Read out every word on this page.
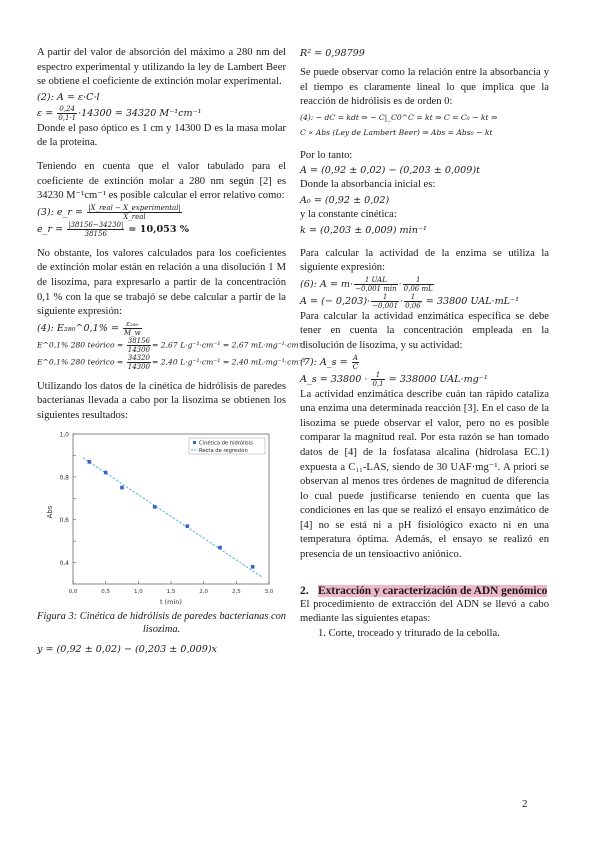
A partir del valor de absorción del máximo a 280 nm del espectro experimental y utilizando la ley de Lambert Beer se obtiene el coeficiente de extinción molar experimental.

(2): A = ε·C·l
$\varepsilon = \frac{0,24}{0,1\cdot 1} \cdot 14300 = 34320$ M⁻¹cm⁻¹

Donde el paso óptico es 1 cm y 14300 D es la masa molar de la proteína.

Teniendo en cuenta que el valor tabulado para el coeficiente de extinción molar a 280 nm según [2] es 34230 M⁻¹cm⁻¹ es posible calcular el error relativo como:

(3): e_r = $\frac{\text{|X\_real − X\_experimental|}}{\text{X\_real}}$
e_r = $\frac{|38156-34230|}{38156} = 10,053$ %

No obstante, los valores calculados para los coeficientes de extinción molar están en relación a una disolución 1 M de lisozima, para expresarlo a partir de la concentración 0,1 % con la que se trabajó se debe calcular a partir de la siguiente expresión:

(4): E₂₈₀^0,1% = $\frac{\text{ε₂₈₀}}{M\_w}$
E^0,1% 280 teórico = $\frac{38156}{14300} = 2,67$ L·g⁻¹·cm⁻¹ = 2,67 mL·mg⁻¹·cm⁻¹
E^0,1% 280 teórico = $\frac{34320}{14300} = 2,40$ L·g⁻¹·cm⁻¹ = 2,40 mL·mg⁻¹·cm⁻¹

Utilizando los datos de la cinética de hidrólisis de paredes bacterianas llevada a cabo por la lisozima se obtienen los siguientes resultados:

0,4
0,6
0,8
1,0
0,0	0,5	1,0	1,5	2,0	2,5	3,0
Cinética de hidrólisis
Recta de regresión
Abs
t (min)

Figura 3: Cinética de hidrólisis de paredes bacterianas con lisozima.

y = (0,92 ± 0,02) − (0,203 ± 0,009)x
R² = 0,98799

Se puede observar como la relación entre la absorbancia y el tiempo es claramente lineal lo que implica que la reacción de hidrólisis es de orden 0:

(4): − dC = kdt ⇒ − C|_C0^C = kt ⇒ C = C₀ − kt ⇒
C ∝ Abs (Ley de Lambert Beer) ⇒ Abs = Abs₀ − kt

Por lo tanto:

A = (0,92 ± 0,02) − (0,203 ± 0,009)t

Donde la absorbancia inicial es:

A₀ = (0,92 ± 0,02)

y la constante cinética:

k = (0,203 ± 0,009) min⁻¹

Para calcular la actividad de la enzima se utiliza la siguiente expresión:

(6): $A = m\cdot \frac{\text{1 UAL}}{-0,001 \min} \cdot \frac{1}{0,06 mL}$
A = (− $0,203)\cdot \frac{1}{-0,001} \cdot \frac{1}{0,06} = 33800$ UAL·mL⁻¹

Para calcular la actividad enzimática específica se debe tener en cuenta la concentración empleada en la disolución de lisozima, y su actividad:

(7): A_s = $\frac{A}{C}$
A_s = $33800 \cdot \frac{1}{0,1} = 338000$ UAL·mg⁻¹

La actividad enzimática describe cuán tan rápido cataliza una enzima una determinada reacción [3]. En el caso de la lisozima se puede observar el valor, pero no es posible comparar la magnitud real. Por esta razón se han tomado datos de [4] de la fosfatasa alcalina (hidrolasa EC.1) expuesta a C₁₁-LAS, siendo de 30 UAF·mg⁻¹. A priori se observan al menos tres órdenes de magnitud de diferencia lo cual puede justificarse teniendo en cuenta que las condiciones en las que se realizó el ensayo enzimático de [4] no se está ni a pH fisiológico exacto ni en una temperatura óptima. Además, el ensayo se realizó en presencia de un tensioactivo aniónico.

2. Extracción y caracterización de ADN genómico

El procedimiento de extracción del ADN se llevó a cabo mediante las siguientes etapas:

1. Corte, troceado y triturado de la cebolla.

2
